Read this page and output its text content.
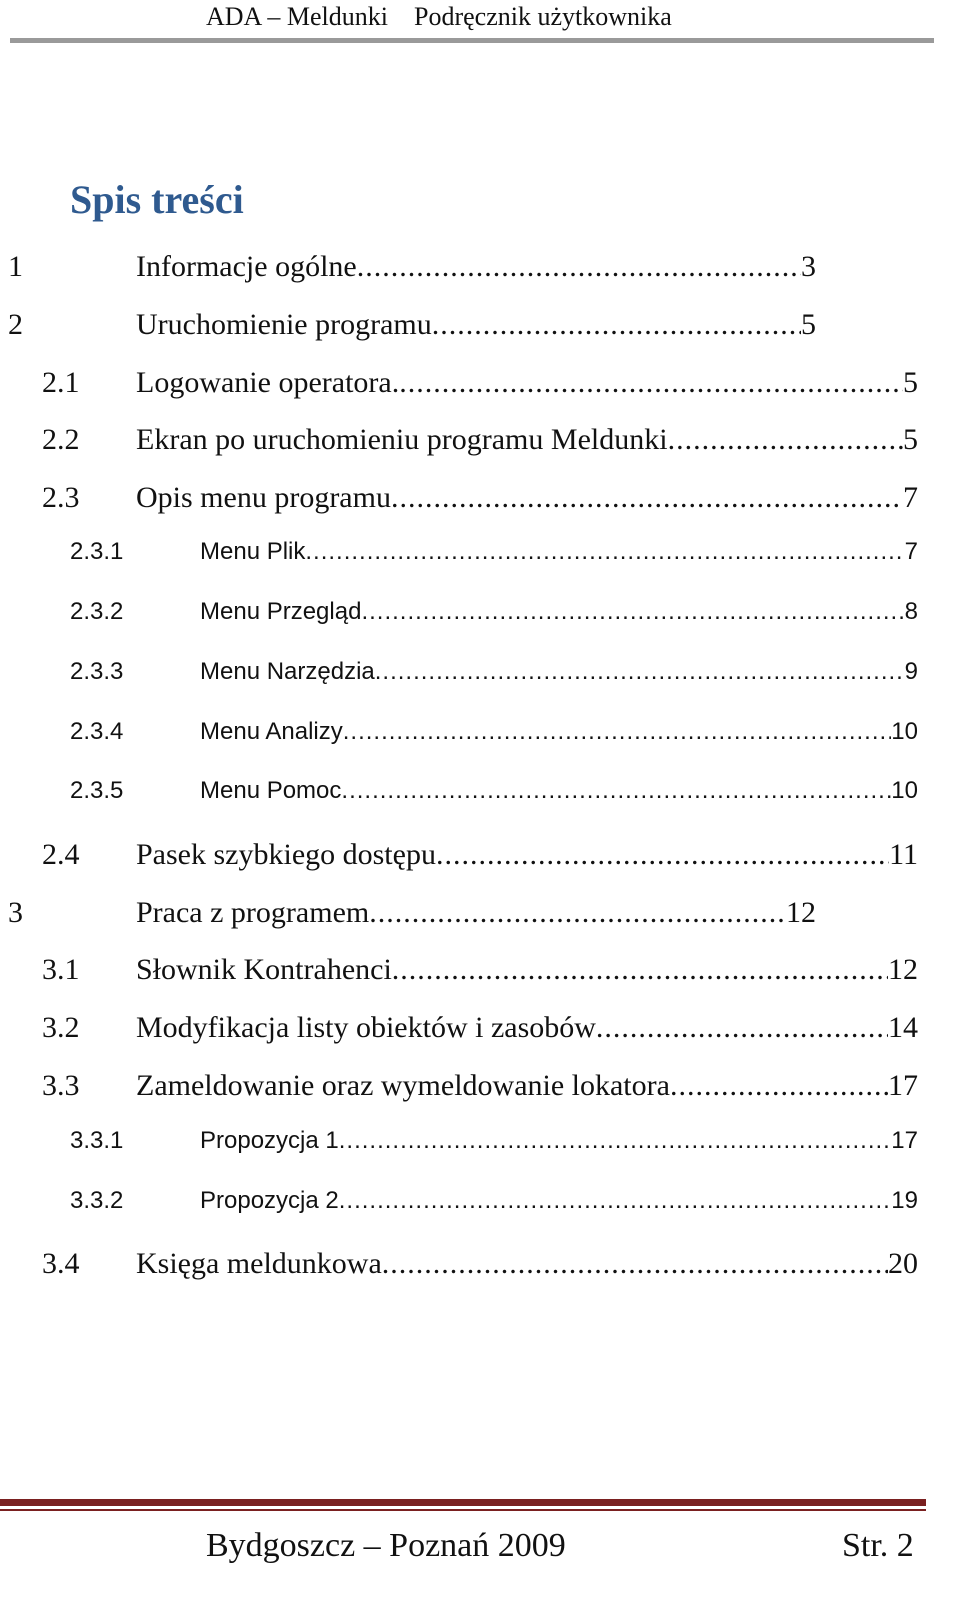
ADA – Meldunki    Podręcznik użytkownika
Spis treści
1	Informacje ogólne .....	3
2	Uruchomienie programu .....	5
2.1 Logowanie operatora. .....	5
2.2 Ekran po uruchomieniu programu Meldunki .....	5
2.3 Opis menu programu .....	7
2.3.1	Menu Plik .....	7
2.3.2	Menu Przegląd .....	8
2.3.3	Menu Narzędzia .....	9
2.3.4	Menu Analizy .....	10
2.3.5	Menu Pomoc .....	10
2.4 Pasek szybkiego dostępu .....	11
3	Praca z programem .....	12
3.1 Słownik Kontrahenci .....	12
3.2 Modyfikacja listy obiektów i zasobów .....	14
3.3 Zameldowanie oraz wymeldowanie lokatora .....	17
3.3.1	Propozycja 1 .....	17
3.3.2	Propozycja 2 .....	19
3.4 Księga meldunkowa .....	20
Bydgoszcz – Poznań 2009	Str. 2
